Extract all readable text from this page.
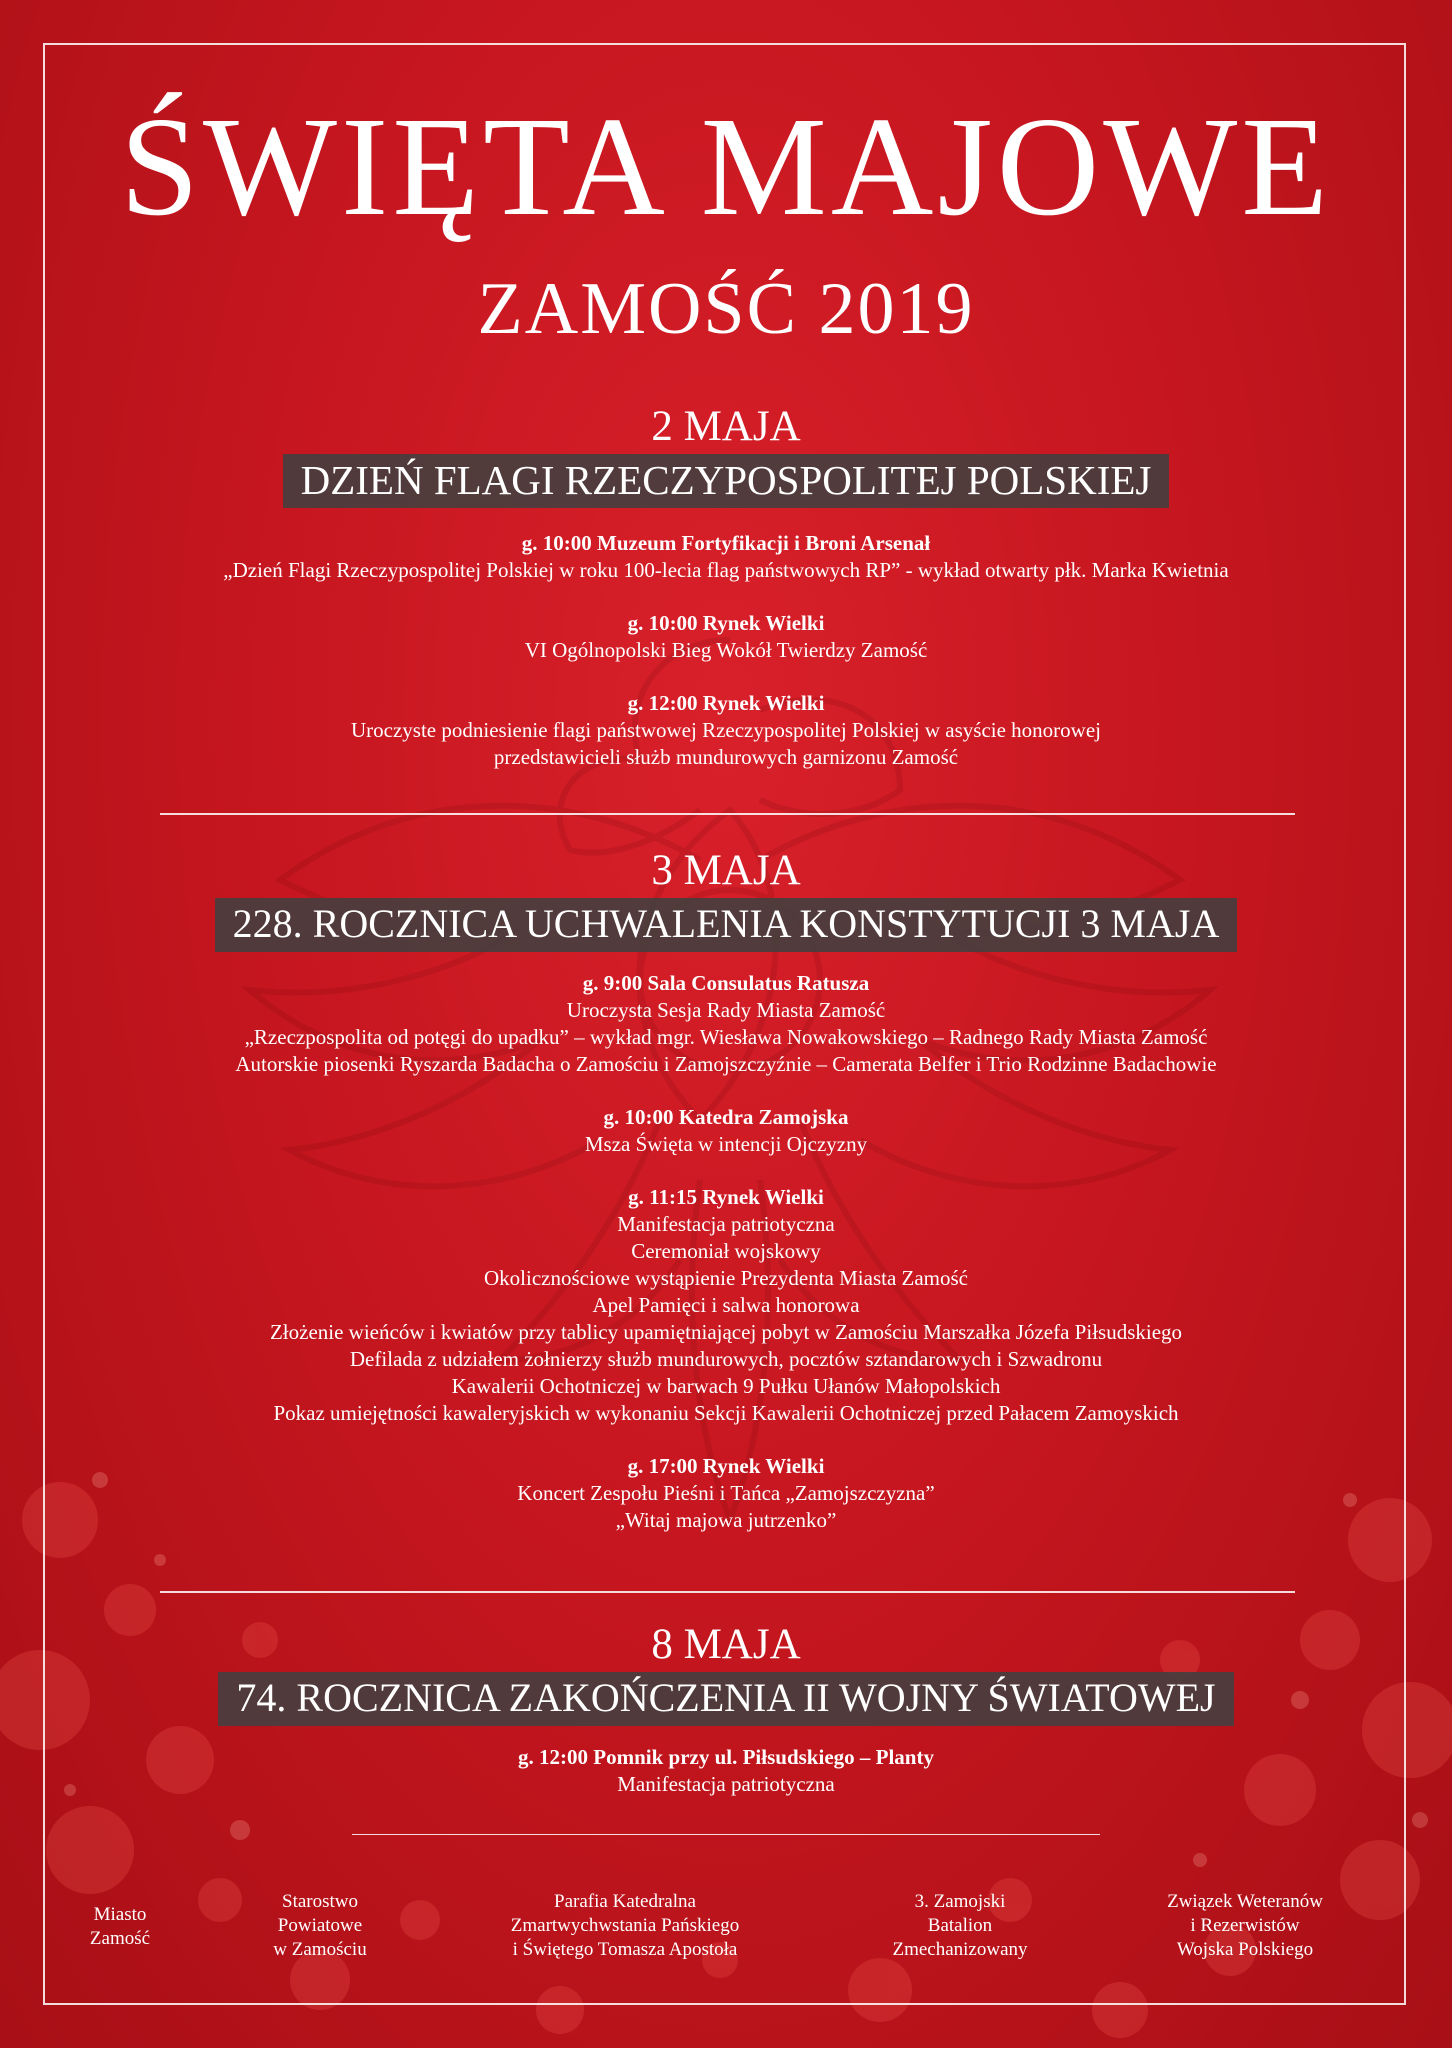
ŚWIĘTA MAJOWE
ZAMOŚĆ 2019
2 MAJA
DZIEŃ FLAGI RZECZYPOSPOLITEJ POLSKIEJ
g. 10:00 Muzeum Fortyfikacji i Broni Arsenał
„Dzień Flagi Rzeczypospolitej Polskiej w roku 100-lecia flag państwowych RP” - wykład otwarty płk. Marka Kwietnia
g. 10:00 Rynek Wielki
VI Ogólnopolski Bieg Wokół Twierdzy Zamość
g. 12:00 Rynek Wielki
Uroczyste podniesienie flagi państwowej Rzeczypospolitej Polskiej w asyście honorowej
przedstawicieli służb mundurowych garnizonu Zamość
3 MAJA
228. ROCZNICA UCHWALENIA KONSTYTUCJI 3 MAJA
g. 9:00 Sala Consulatus Ratusza
Uroczysta Sesja Rady Miasta Zamość
„Rzeczpospolita od potęgi do upadku” – wykład mgr. Wiesława Nowakowskiego – Radnego Rady Miasta Zamość
Autorskie piosenki Ryszarda Badacha o Zamościu i Zamojszczyźnie – Camerata Belfer i Trio Rodzinne Badachowie
g. 10:00 Katedra Zamojska
Msza Święta w intencji Ojczyzny
g. 11:15 Rynek Wielki
Manifestacja patriotyczna
Ceremoniał wojskowy
Okolicznościowe wystąpienie Prezydenta Miasta Zamość
Apel Pamięci i salwa honorowa
Złożenie wieńców i kwiatów przy tablicy upamiętniającej pobyt w Zamościu Marszałka Józefa Piłsudskiego
Defilada z udziałem żołnierzy służb mundurowych, pocztów sztandarowych i Szwadronu
Kawalerii Ochotniczej w barwach 9 Pułku Ułanów Małopolskich
Pokaz umiejętności kawaleryjskich w wykonaniu Sekcji Kawalerii Ochotniczej przed Pałacem Zamoyskich
g. 17:00 Rynek Wielki
Koncert Zespołu Pieśni i Tańca „Zamojszczyzna”
„Witaj majowa jutrzenko”
8 MAJA
74. ROCZNICA ZAKOŃCZENIA II WOJNY ŚWIATOWEJ
g. 12:00 Pomnik przy ul. Piłsudskiego – Planty
Manifestacja patriotyczna
Miasto
Zamość
Starostwo
Powiatowe
w Zamościu
Parafia Katedralna
Zmartwychwstania Pańskiego
i Świętego Tomasza Apostoła
3. Zamojski
Batalion
Zmechanizowany
Związek Weteranów
i Rezerwistów
Wojska Polskiego
